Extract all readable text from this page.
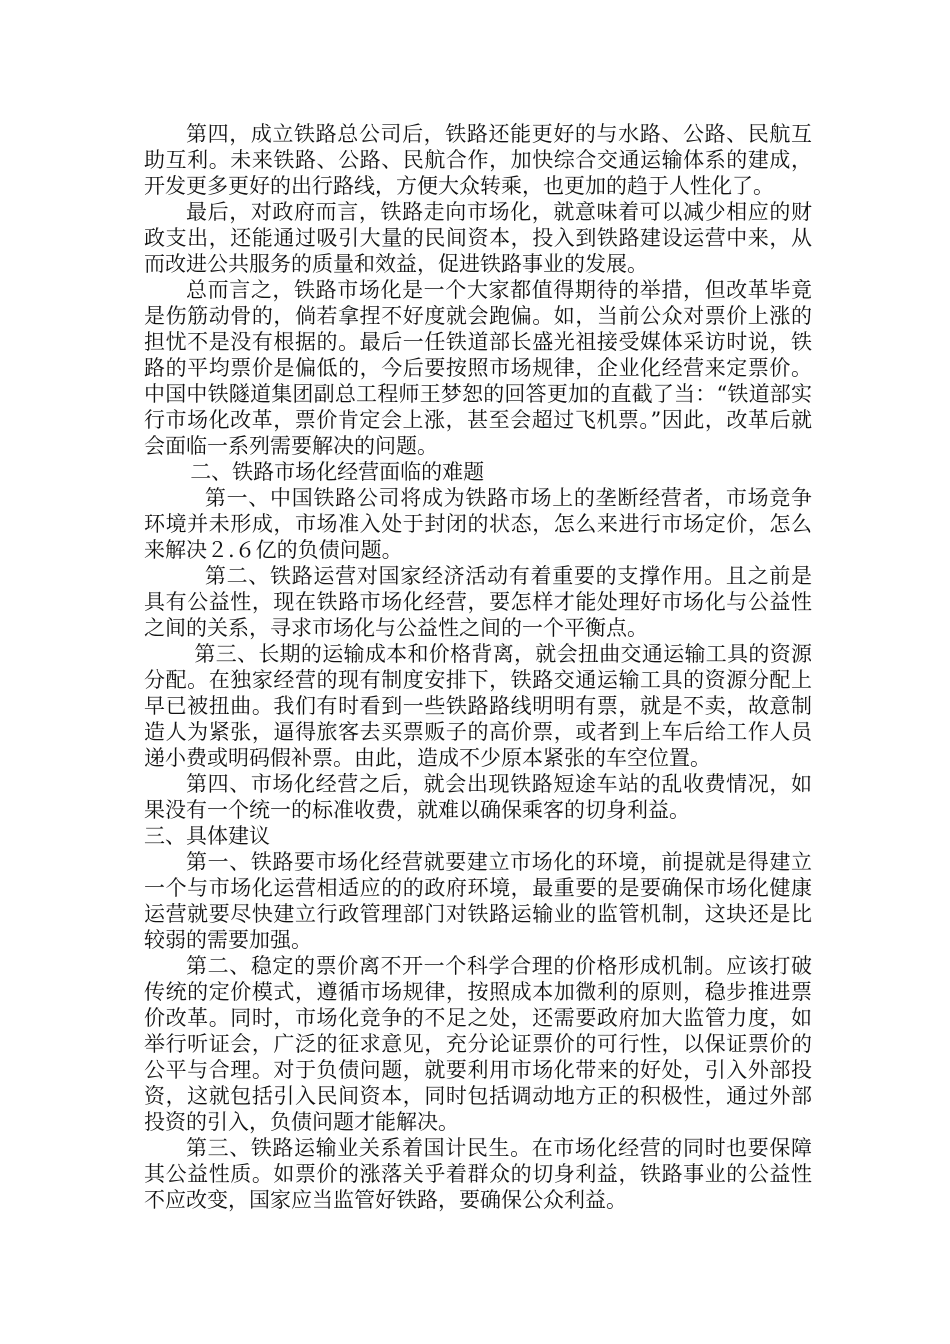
第四，成立铁路总公司后，铁路还能更好的与水路、公路、民航互助互利。未来铁路、公路、民航合作，加快综合交通运输体系的建成，开发更多更好的出行路线，方便大众转乘，也更加的趋于人性化了。

最后，对政府而言，铁路走向市场化，就意味着可以减少相应的财政支出，还能通过吸引大量的民间资本，投入到铁路建设运营中来，从而改进公共服务的质量和效益，促进铁路事业的发展。

总而言之，铁路市场化是一个大家都值得期待的举措，但改革毕竟是伤筋动骨的，倘若拿捏不好度就会跑偏。如，当前公众对票价上涨的担忧不是没有根据的。最后一任铁道部长盛光祖接受媒体采访时说，铁路的平均票价是偏低的，今后要按照市场规律，企业化经营来定票价。中国中铁隧道集团副总工程师王梦恕的回答更加的直截了当：“铁道部实行市场化改革，票价肯定会上涨，甚至会超过飞机票。”因此，改革后就会面临一系列需要解决的问题。

二、铁路市场化经营面临的难题

第一、中国铁路公司将成为铁路市场上的垄断经营者，市场竞争环境并未形成，市场准入处于封闭的状态，怎么来进行市场定价，怎么来解决２.６亿的负债问题。

第二、铁路运营对国家经济活动有着重要的支撑作用。且之前是具有公益性，现在铁路市场化经营，要怎样才能处理好市场化与公益性之间的关系，寻求市场化与公益性之间的一个平衡点。

第三、长期的运输成本和价格背离，就会扭曲交通运输工具的资源分配。在独家经营的现有制度安排下，铁路交通运输工具的资源分配上早已被扭曲。我们有时看到一些铁路路线明明有票，就是不卖，故意制造人为紧张，逼得旅客去买票贩子的高价票，或者到上车后给工作人员递小费或明码假补票。由此，造成不少原本紧张的车空位置。

第四、市场化经营之后，就会出现铁路短途车站的乱收费情况，如果没有一个统一的标准收费，就难以确保乘客的切身利益。

三、具体建议

第一、铁路要市场化经营就要建立市场化的环境，前提就是得建立一个与市场化运营相适应的的政府环境，最重要的是要确保市场化健康运营就要尽快建立行政管理部门对铁路运输业的监管机制，这块还是比较弱的需要加强。

第二、稳定的票价离不开一个科学合理的价格形成机制。应该打破传统的定价模式，遵循市场规律，按照成本加微利的原则，稳步推进票价改革。同时，市场化竞争的不足之处，还需要政府加大监管力度，如举行听证会，广泛的征求意见，充分论证票价的可行性，以保证票价的公平与合理。对于负债问题，就要利用市场化带来的好处，引入外部投资，这就包括引入民间资本，同时包括调动地方正的积极性，通过外部投资的引入，负债问题才能解决。

第三、铁路运输业关系着国计民生。在市场化经营的同时也要保障其公益性质。如票价的涨落关乎着群众的切身利益，铁路事业的公益性不应改变，国家应当监管好铁路，要确保公众利益。
